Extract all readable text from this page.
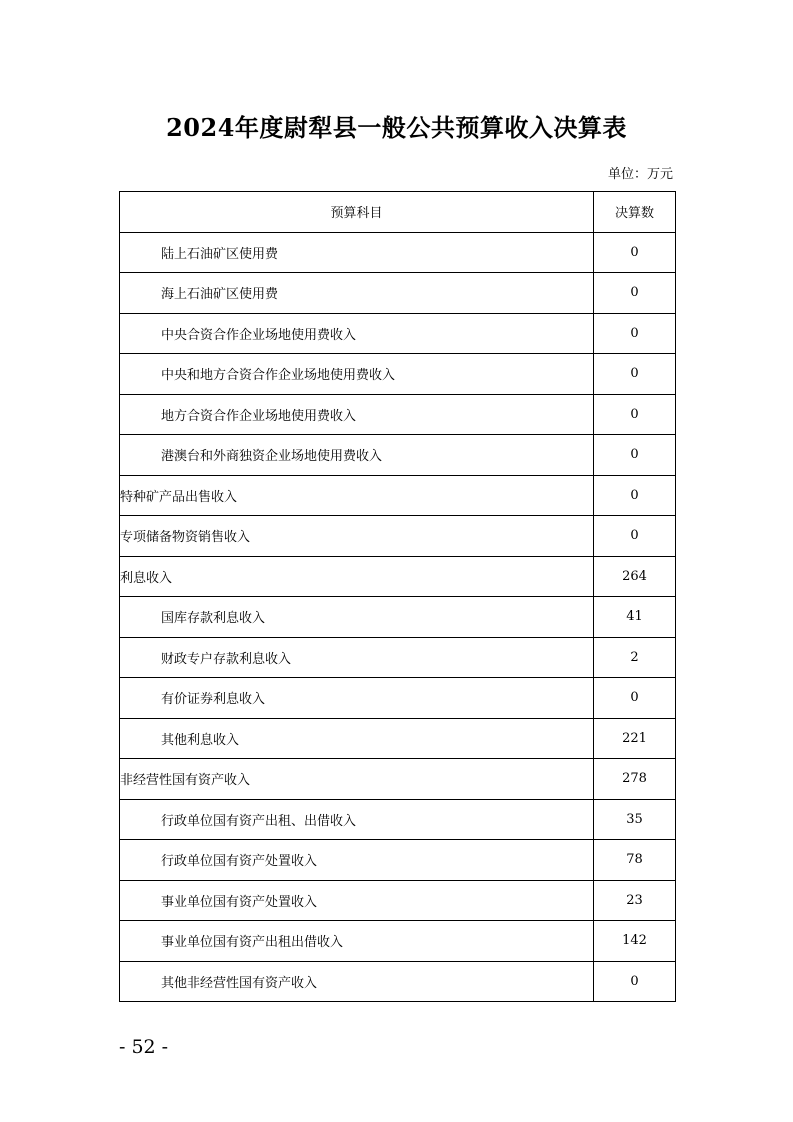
2024年度尉犁县一般公共预算收入决算表
单位：万元
预算科目	决算数
陆上石油矿区使用费	0
海上石油矿区使用费	0
中央合资合作企业场地使用费收入	0
中央和地方合资合作企业场地使用费收入	0
地方合资合作企业场地使用费收入	0
港澳台和外商独资企业场地使用费收入	0
特种矿产品出售收入	0
专项储备物资销售收入	0
利息收入	264
国库存款利息收入	41
财政专户存款利息收入	2
有价证券利息收入	0
其他利息收入	221
非经营性国有资产收入	278
行政单位国有资产出租、出借收入	35
行政单位国有资产处置收入	78
事业单位国有资产处置收入	23
事业单位国有资产出租出借收入	142
其他非经营性国有资产收入	0
- 52 -
